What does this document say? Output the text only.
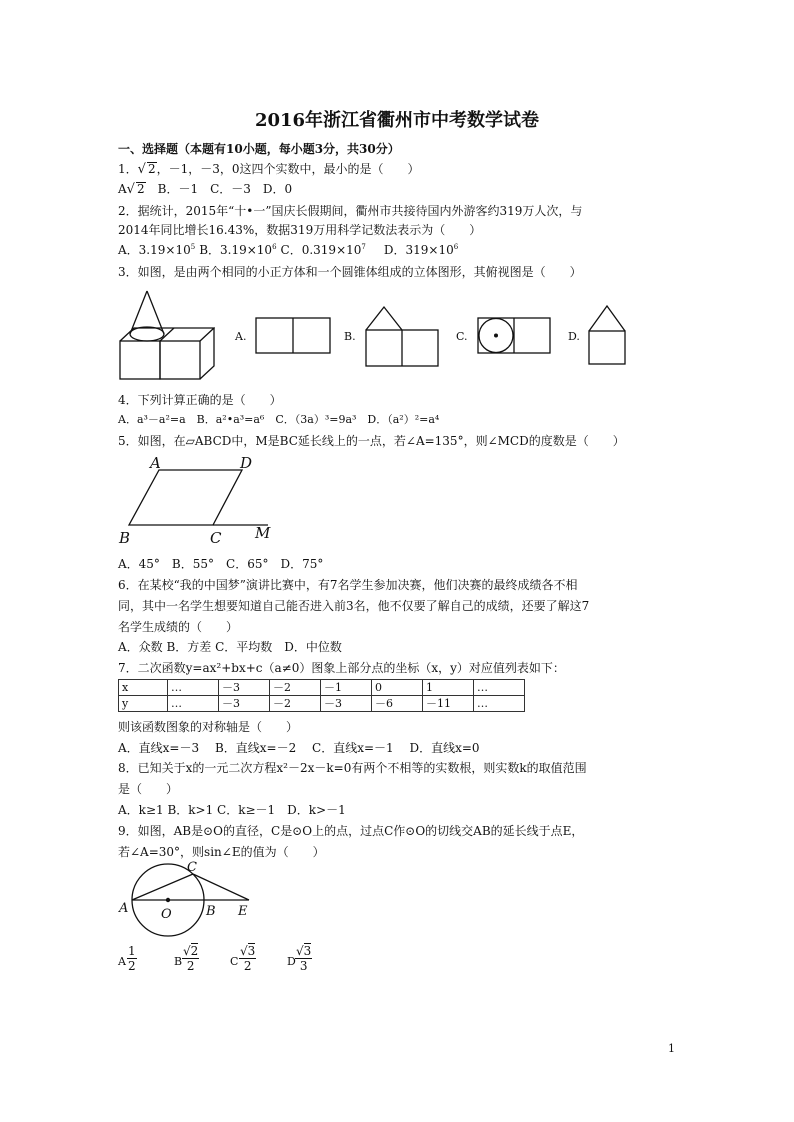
2016年浙江省衢州市中考数学试卷
一、选择题（本题有10小题，每小题3分，共30分）
1．√ 2，－1，－3，0这四个实数中，最小的是（　　）
A√ 2　 B．－1　C．－3　D．0
2．据统计，2015年“十•一”国庆长假期间，衢州市共接待国内外游客约319万人次，与
2014年同比增长16.43%，数据319万用科学记数法表示为（　　）
A．$3.19\times 10^5$ B．$3.19\times 10^6$ C．$0.319\times 10^7$ D．$319\times 10^6$
3．如图，是由两个相同的小正方体和一个圆锥体组成的立体图形，其俯视图是（　　）
A.	B.	C.	D.
4．下列计算正确的是（　　）
A．a³－a²=a　B．a²•a³=a⁶　C．（3a）³=9a³　D．（a²）²=a⁴
5．如图，在▱ABCD中，M是BC延长线上的一点，若∠A=135°，则∠MCD的度数是（　　）
A	D
B	C M
A．45°　B．55°　C．65°　D．75°
6．在某校“我的中国梦”演讲比赛中，有7名学生参加决赛，他们决赛的最终成绩各不相
同，其中一名学生想要知道自己能否进入前3名，他不仅要了解自己的成绩，还要了解这7
名学生成绩的（　　）
A．众数 B．方差 C．平均数　D．中位数
7．二次函数y=ax²+bx+c（a≠0）图象上部分点的坐标（x，y）对应值列表如下：
x	…	－3	－2	－1	0	1	…
y	…	－3	－2	－3	－6	－11	…
则该函数图象的对称轴是（　　）
A．直线x=－3　 B．直线x=－2　 C．直线x=－1　 D．直线x=0
8．已知关于x的一元二次方程x²－2x－k=0有两个不相等的实数根，则实数k的取值范围
是（　　）
A．k≥1 B．k>1 C．k≥－1　D．k>－1
9．如图，AB是⊙O的直径，C是⊙O上的点，过点C作⊙O的切线交AB的延长线于点E，
若∠A=30°，则sin∠E的值为（　　）
A	O	B E
C
A $\frac{1}{2}$	B $\frac{√2}{2}$	C $\frac{√3}{2}$	D $\frac{√3}{3}$
1
